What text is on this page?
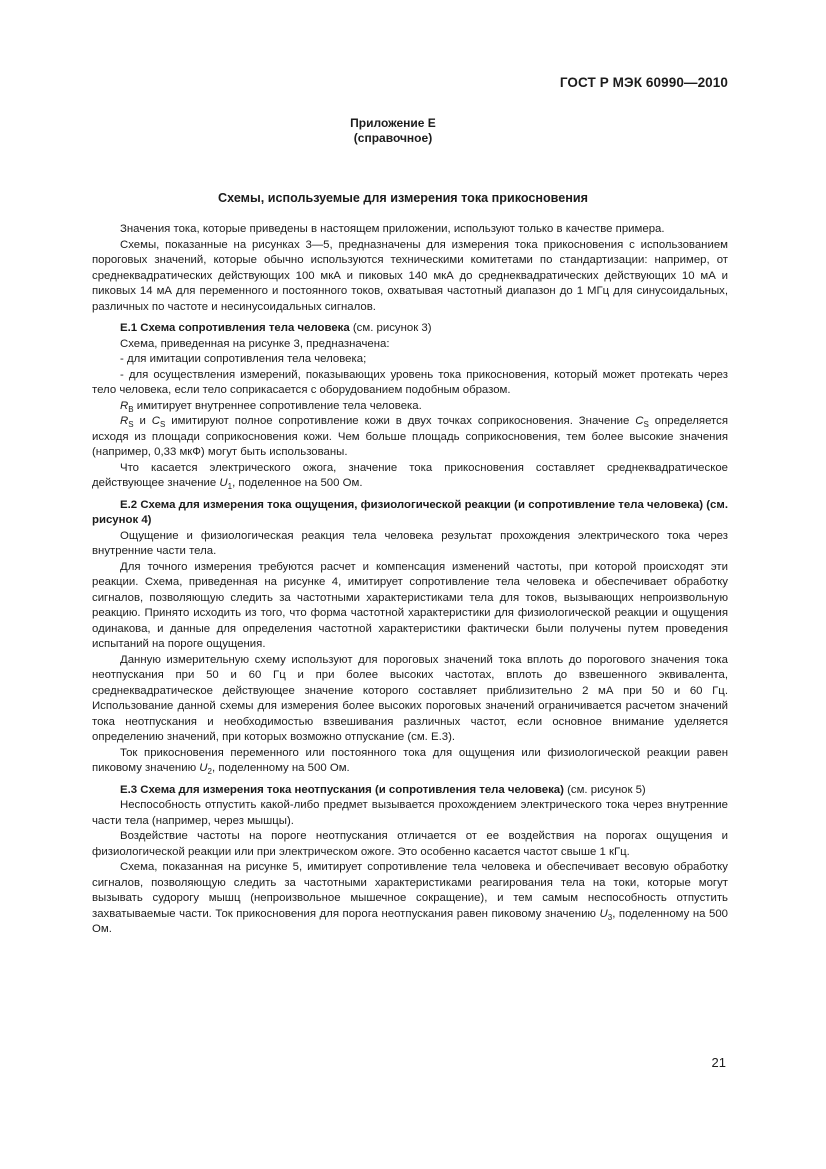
ГОСТ Р МЭК 60990—2010
Приложение Е
(справочное)
Схемы, используемые для измерения тока прикосновения

Значения тока, которые приведены в настоящем приложении, используют только в качестве примера.

Схемы, показанные на рисунках 3—5, предназначены для измерения тока прикосновения с использованием пороговых значений, которые обычно используются техническими комитетами по стандартизации: например, от среднеквадратических действующих 100 мкА и пиковых 140 мкА до среднеквадратических действующих 10 мА и пиковых 14 мА для переменного и постоянного токов, охватывая частотный диапазон до 1 МГц для синусоидальных, различных по частоте и несинусоидальных сигналов.

Е.1 Схема сопротивления тела человека (см. рисунок 3)

Схема, приведенная на рисунке 3, предназначена:

- для имитации сопротивления тела человека;

- для осуществления измерений, показывающих уровень тока прикосновения, который может протекать через тело человека, если тело соприкасается с оборудованием подобным образом.

$R_B$ имитирует внутреннее сопротивление тела человека.

$R_S$ и $C_S$ имитируют полное сопротивление кожи в двух точках соприкосновения. Значение $C_S$ определяется исходя из площади соприкосновения кожи. Чем больше площадь соприкосновения, тем более высокие значения (например, 0,33 мкФ) могут быть использованы.

Что касается электрического ожога, значение тока прикосновения составляет среднеквадратическое действующее значение $U_1$, поделенное на 500 Ом.

Е.2 Схема для измерения тока ощущения, физиологической реакции (и сопротивление тела человека) (см. рисунок 4)

Ощущение и физиологическая реакция тела человека результат прохождения электрического тока через внутренние части тела.

Для точного измерения требуются расчет и компенсация изменений частоты, при которой происходят эти реакции. Схема, приведенная на рисунке 4, имитирует сопротивление тела человека и обеспечивает обработку сигналов, позволяющую следить за частотными характеристиками тела для токов, вызывающих непроизвольную реакцию. Принято исходить из того, что форма частотной характеристики для физиологической реакции и ощущения одинакова, и данные для определения частотной характеристики фактически были получены путем проведения испытаний на пороге ощущения.

Данную измерительную схему используют для пороговых значений тока вплоть до порогового значения тока неотпускания при 50 и 60 Гц и при более высоких частотах, вплоть до взвешенного эквивалента, среднеквадратическое действующее значение которого составляет приблизительно 2 мА при 50 и 60 Гц. Использование данной схемы для измерения более высоких пороговых значений ограничивается расчетом значений тока неотпускания и необходимостью взвешивания различных частот, если основное внимание уделяется определению значений, при которых возможно отпускание (см. Е.3).

Ток прикосновения переменного или постоянного тока для ощущения или физиологической реакции равен пиковому значению $U_2$, поделенному на 500 Ом.

Е.3 Схема для измерения тока неотпускания (и сопротивления тела человека) (см. рисунок 5)

Неспособность отпустить какой-либо предмет вызывается прохождением электрического тока через внутренние части тела (например, через мышцы).

Воздействие частоты на пороге неотпускания отличается от ее воздействия на порогах ощущения и физиологической реакции или при электрическом ожоге. Это особенно касается частот свыше 1 кГц.

Схема, показанная на рисунке 5, имитирует сопротивление тела человека и обеспечивает весовую обработку сигналов, позволяющую следить за частотными характеристиками реагирования тела на токи, которые могут вызывать судорогу мышц (непроизвольное мышечное сокращение), и тем самым неспособность отпустить захватываемые части. Ток прикосновения для порога неотпускания равен пиковому значению $U_3$, поделенному на 500 Ом.

21
